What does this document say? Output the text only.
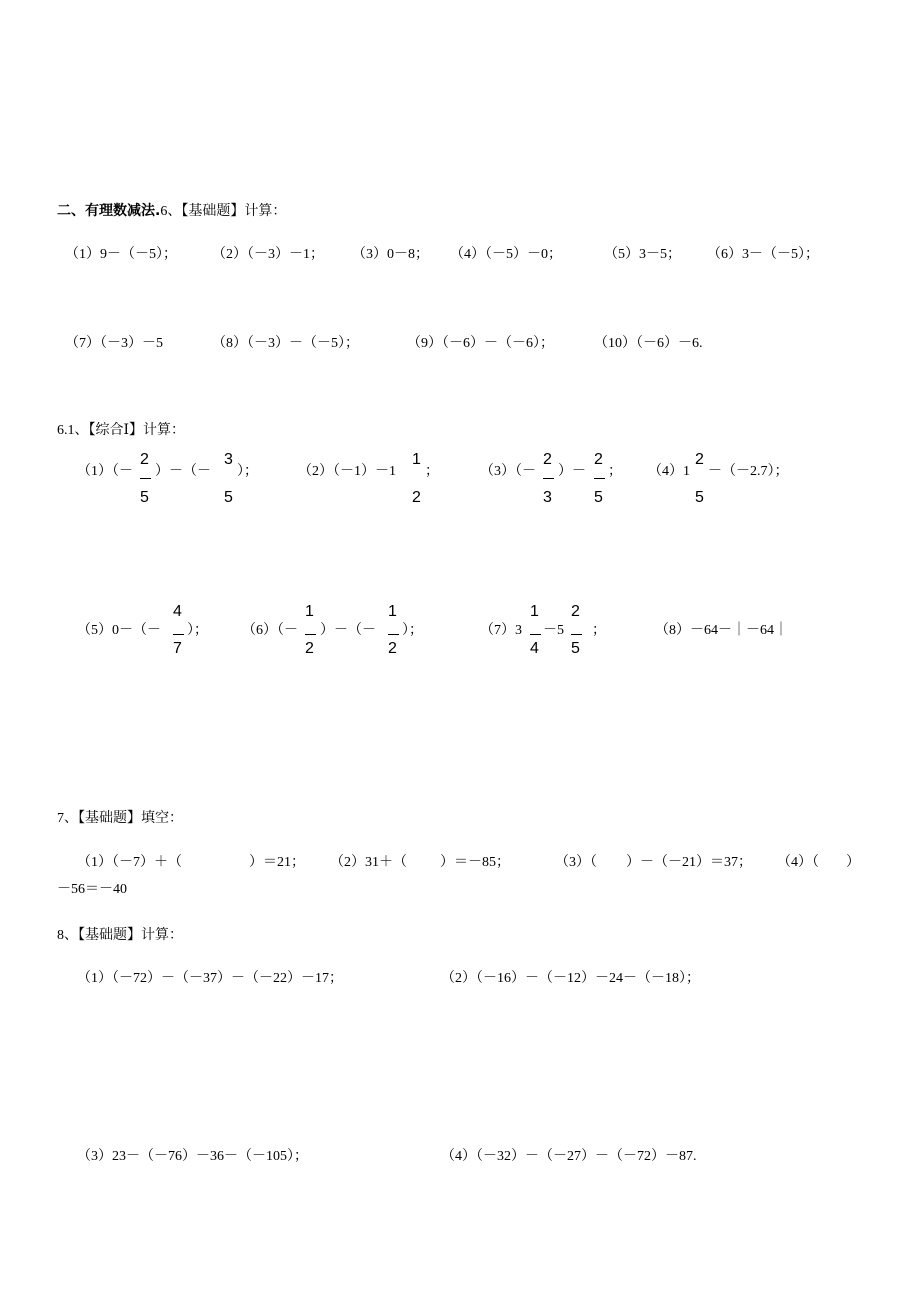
二、有理数减法.6、【基础题】计算：
（1）9－（－5）；	（2）（－3）－1； （3）0－8； （4）（－5）－0；	（5）3－5； （6）3－（－5）；
（7）（－3）－5	（8）（－3）－（－5）；	（9）（－6）－（－6）；	（10）（－6）－6.
6.1、【综合Ⅰ】计算：
（1）（－
2
5
）－（－
3
5
）；	（2）（－1）－1
1
2
；	（3）（－
2
3
）－
2
5
； （4）1
2
5
－（－2.7）；
（5）0－（－
4
7
）； （6）（－
1
2
）－（－
1
2
）；	（7）3
1
4
－5
2
5
；	（8）－64－｜－64｜
7、【基础题】填空：
（1）（－7）＋（	）＝21； （2）31＋（ ）＝－85；	（3）（ ）－（－21）＝37； （4）（ ）
－56＝－40
8、【基础题】计算：
（1）（－72）－（－37）－（－22）－17；	（2）（－16）－（－12）－24－（－18）；
（3）23－（－76）－36－（－105）；	（4）（－32）－（－27）－（－72）－87.
